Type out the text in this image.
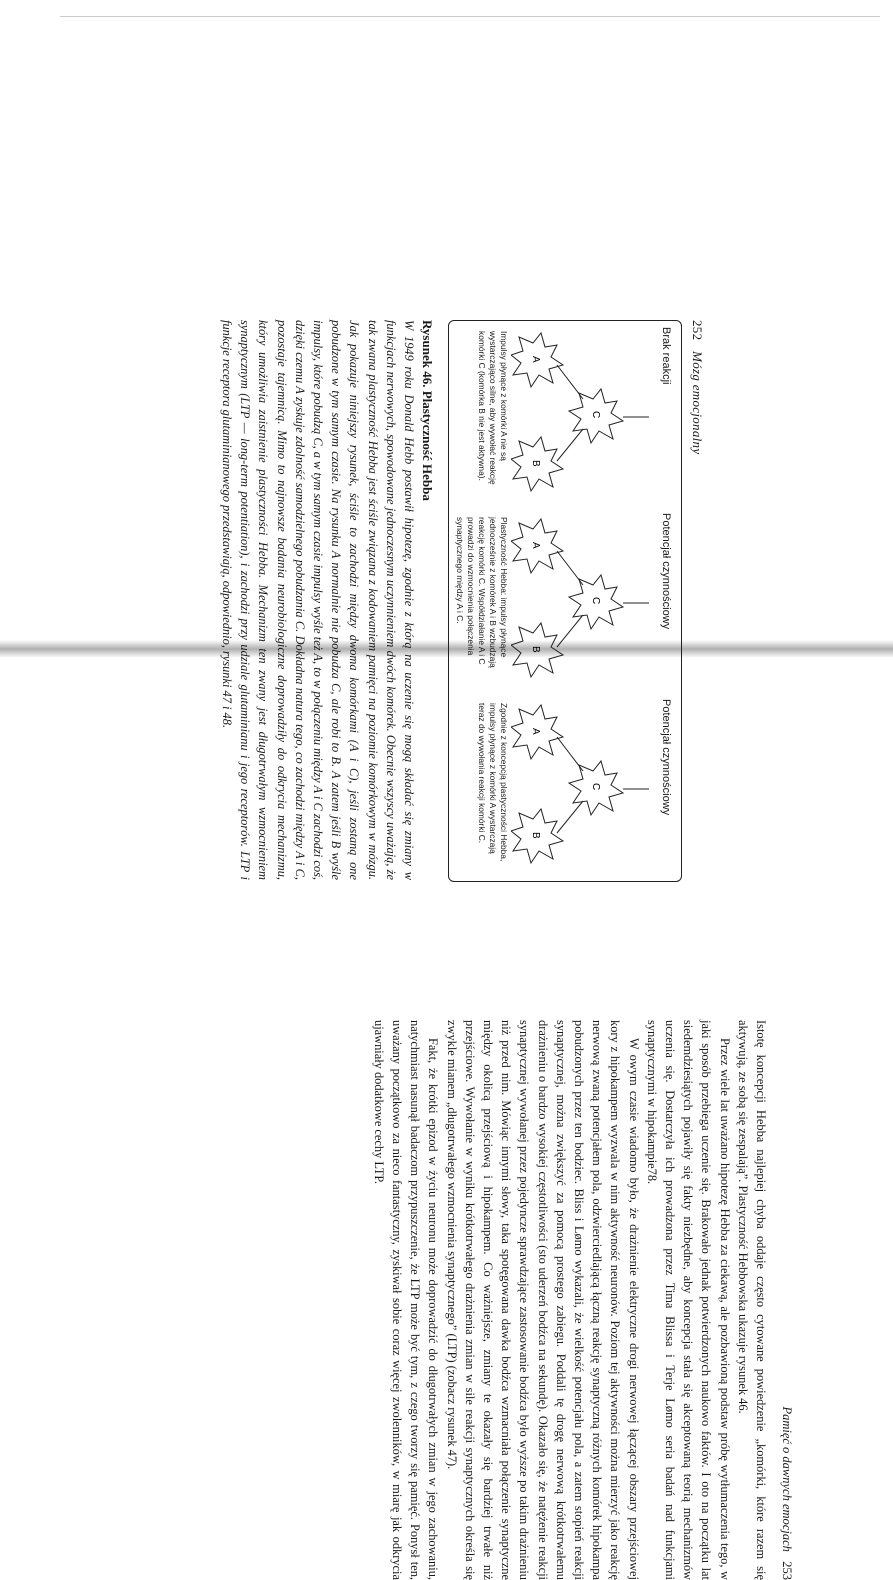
252   Mózg emocjonalny
Brak reakcji
C
A
B
Impulsy płynące z komórki A nie są wystarczająco silne, aby wywołać reakcję komórki C (komórka B nie jest aktywna).
Potencjał czynnościowy
C
A
B
Plastyczność Hebba: impulsy płynące jednocześnie z komórek A i B wzbudzają reakcję komórki C. Współdziałanie A i C prowadzi do wzmocnienia połączenia synaptycznego między A i C.
Potencjał czynnościowy
C
A
B
Zgodnie z koncepcją plastyczności Hebba, impulsy płynące z komórki A wystarczają teraz do wywołania reakcji komórki C.
Rysunek 46. Plastyczność Hebba
W 1949 roku Donald Hebb postawił hipotezę, zgodnie z którą na uczenie się mogą składać się zmiany w funkcjach nerwowych, spowodowane jednoczesnym uczynnieniem dwóch komórek. Obecnie wszyscy uważają, że tak zwana plastyczność Hebba jest ściśle związana z kodowaniem pamięci na poziomie komórkowym w mózgu. Jak pokazuje niniejszy rysunek, ściśle to zachodzi między dwoma komórkami (A i C), jeśli zostaną one pobudzone w tym samym czasie. Na rysunku A normalnie nie pobudza C, ale robi to B. A zatem jeśli B wyśle impulsy, które pobudzą C, a w tym samym czasie impulsy wyśle też A, to w połączeniu między A i C zachodzi coś, dzięki czemu A zyskuje zdolność samodzielnego pobudzania C. Dokładna natura tego, co zachodzi między A i C, pozostaje tajemnicą. Mimo to najnowsze badania neurobiologiczne doprowadziły do odkrycia mechanizmu, który umożliwia zaistnienie plastyczności Hebba. Mechanizm ten zwany jest długotrwałym wzmocnieniem synaptycznym (LTP — long-term potentiation), i zachodzi przy udziale glutaminianu i jego receptorów. LTP i funkcje receptora glutaminianowego przedstawiają, odpowiednio, rysunki 47 i 48.
Pamięć o dawnych emocjach   253

Istotę koncepcji Hebba najlepiej chyba oddaje często cytowane powiedzenie „komórki, które razem się aktywują, ze sobą się zespalają”. Plastyczność Hebbowska ukazuje rysunek 46.

Przez wiele lat uważano hipotezę Hebba za ciekawą, ale pozbawioną podstaw próbę wytłumaczenia tego, w jaki sposób przebiega uczenie się. Brakowało jednak potwierdzonych naukowo faktów. I oto na początku lat siedemdziesiątych pojawiły się fakty niezbędne, aby koncepcja stała się akceptowaną teorią mechanizmów uczenia się. Dostarczyła ich prowadzona przez Tima Blissa i Terje Lømo seria badań nad funkcjami synaptycznymi w hipokampie78.

W owym czasie wiadomo było, że drażnienie elektryczne drogi nerwowej łączącej obszary przejściowej kory z hipokampem wyzwala w nim aktywność neuronów. Poziom tej aktywności można mierzyć jako reakcję nerwową zwaną potencjałem pola, odzwierciedlającą łączną reakcję synaptyczną różnych komórek hipokampa pobudzonych przez ten bodziec. Bliss i Lømo wykazali, że wielkość potencjału pola, a zatem stopień reakcji synaptycznej, można zwiększyć za pomocą prostego zabiegu. Poddali tę drogę nerwową krótkotrwałemu drażnieniu o bardzo wysokiej częstotliwości (sto uderzeń bodźca na sekundę). Okazało się, że natężenie reakcji synaptycznej wywołanej przez pojedyncze sprawdzające zastosowanie bodźca było wyższe po takim drażnieniu niż przed nim. Mówiąc innymi słowy, taka spotęgowana dawka bodźca wzmacniała połączenie synaptyczne między okolicą przejściową i hipokampem. Co ważniejsze, zmiany te okazały się bardziej trwałe niż przejściowe. Wywołanie w wyniku krótkotrwałego drażnienia zmian w sile reakcji synaptycznych określa się zwykle mianem „długotrwałego wzmocnienia synaptycznego” (LTP) (zobacz rysunek 47).

Fakt, że krótki epizod w życiu neuronu może doprowadzić do długotrwałych zmian w jego zachowaniu, natychmiast nasunął badaczom przypuszczenie, że LTP może być tym, z czego tworzy się pamięć. Ponysł ten, uważany początkowo za nieco fantastyczny, zyskiwał sobie coraz więcej zwolenników, w miarę jak odkrycia ujawniały dodatkowe cechy LTP.
